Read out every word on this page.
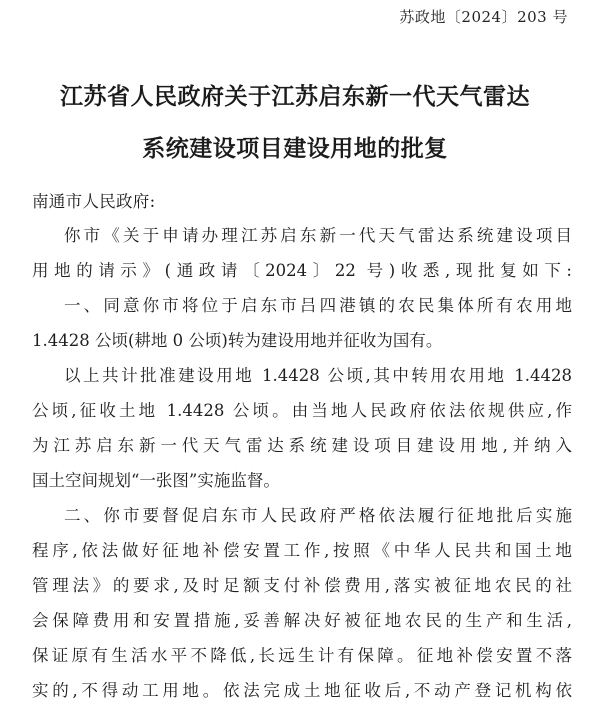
苏政地〔2024〕203 号
江苏省人民政府关于江苏启东新一代天气雷达
系统建设项目建设用地的批复
南通市人民政府:
你市《关于申请办理江苏启东新一代天气雷达系统建设项目
用地的请示》(通政请〔2024〕22 号)收悉,现批复如下:
一、同意你市将位于启东市吕四港镇的农民集体所有农用地
1.4428 公顷(耕地 0 公顷)转为建设用地并征收为国有。
以上共计批准建设用地 1.4428 公顷,其中转用农用地 1.4428
公顷,征收土地 1.4428 公顷。由当地人民政府依法依规供应,作
为江苏启东新一代天气雷达系统建设项目建设用地,并纳入
国土空间规划“一张图”实施监督。
二、你市要督促启东市人民政府严格依法履行征地批后实施
程序,依法做好征地补偿安置工作,按照《中华人民共和国土地
管理法》的要求,及时足额支付补偿费用,落实被征地农民的社
会保障费用和安置措施,妥善解决好被征地农民的生产和生活,
保证原有生活水平不降低,长远生计有保障。征地补偿安置不落
实的,不得动工用地。依法完成土地征收后,不动产登记机构依
